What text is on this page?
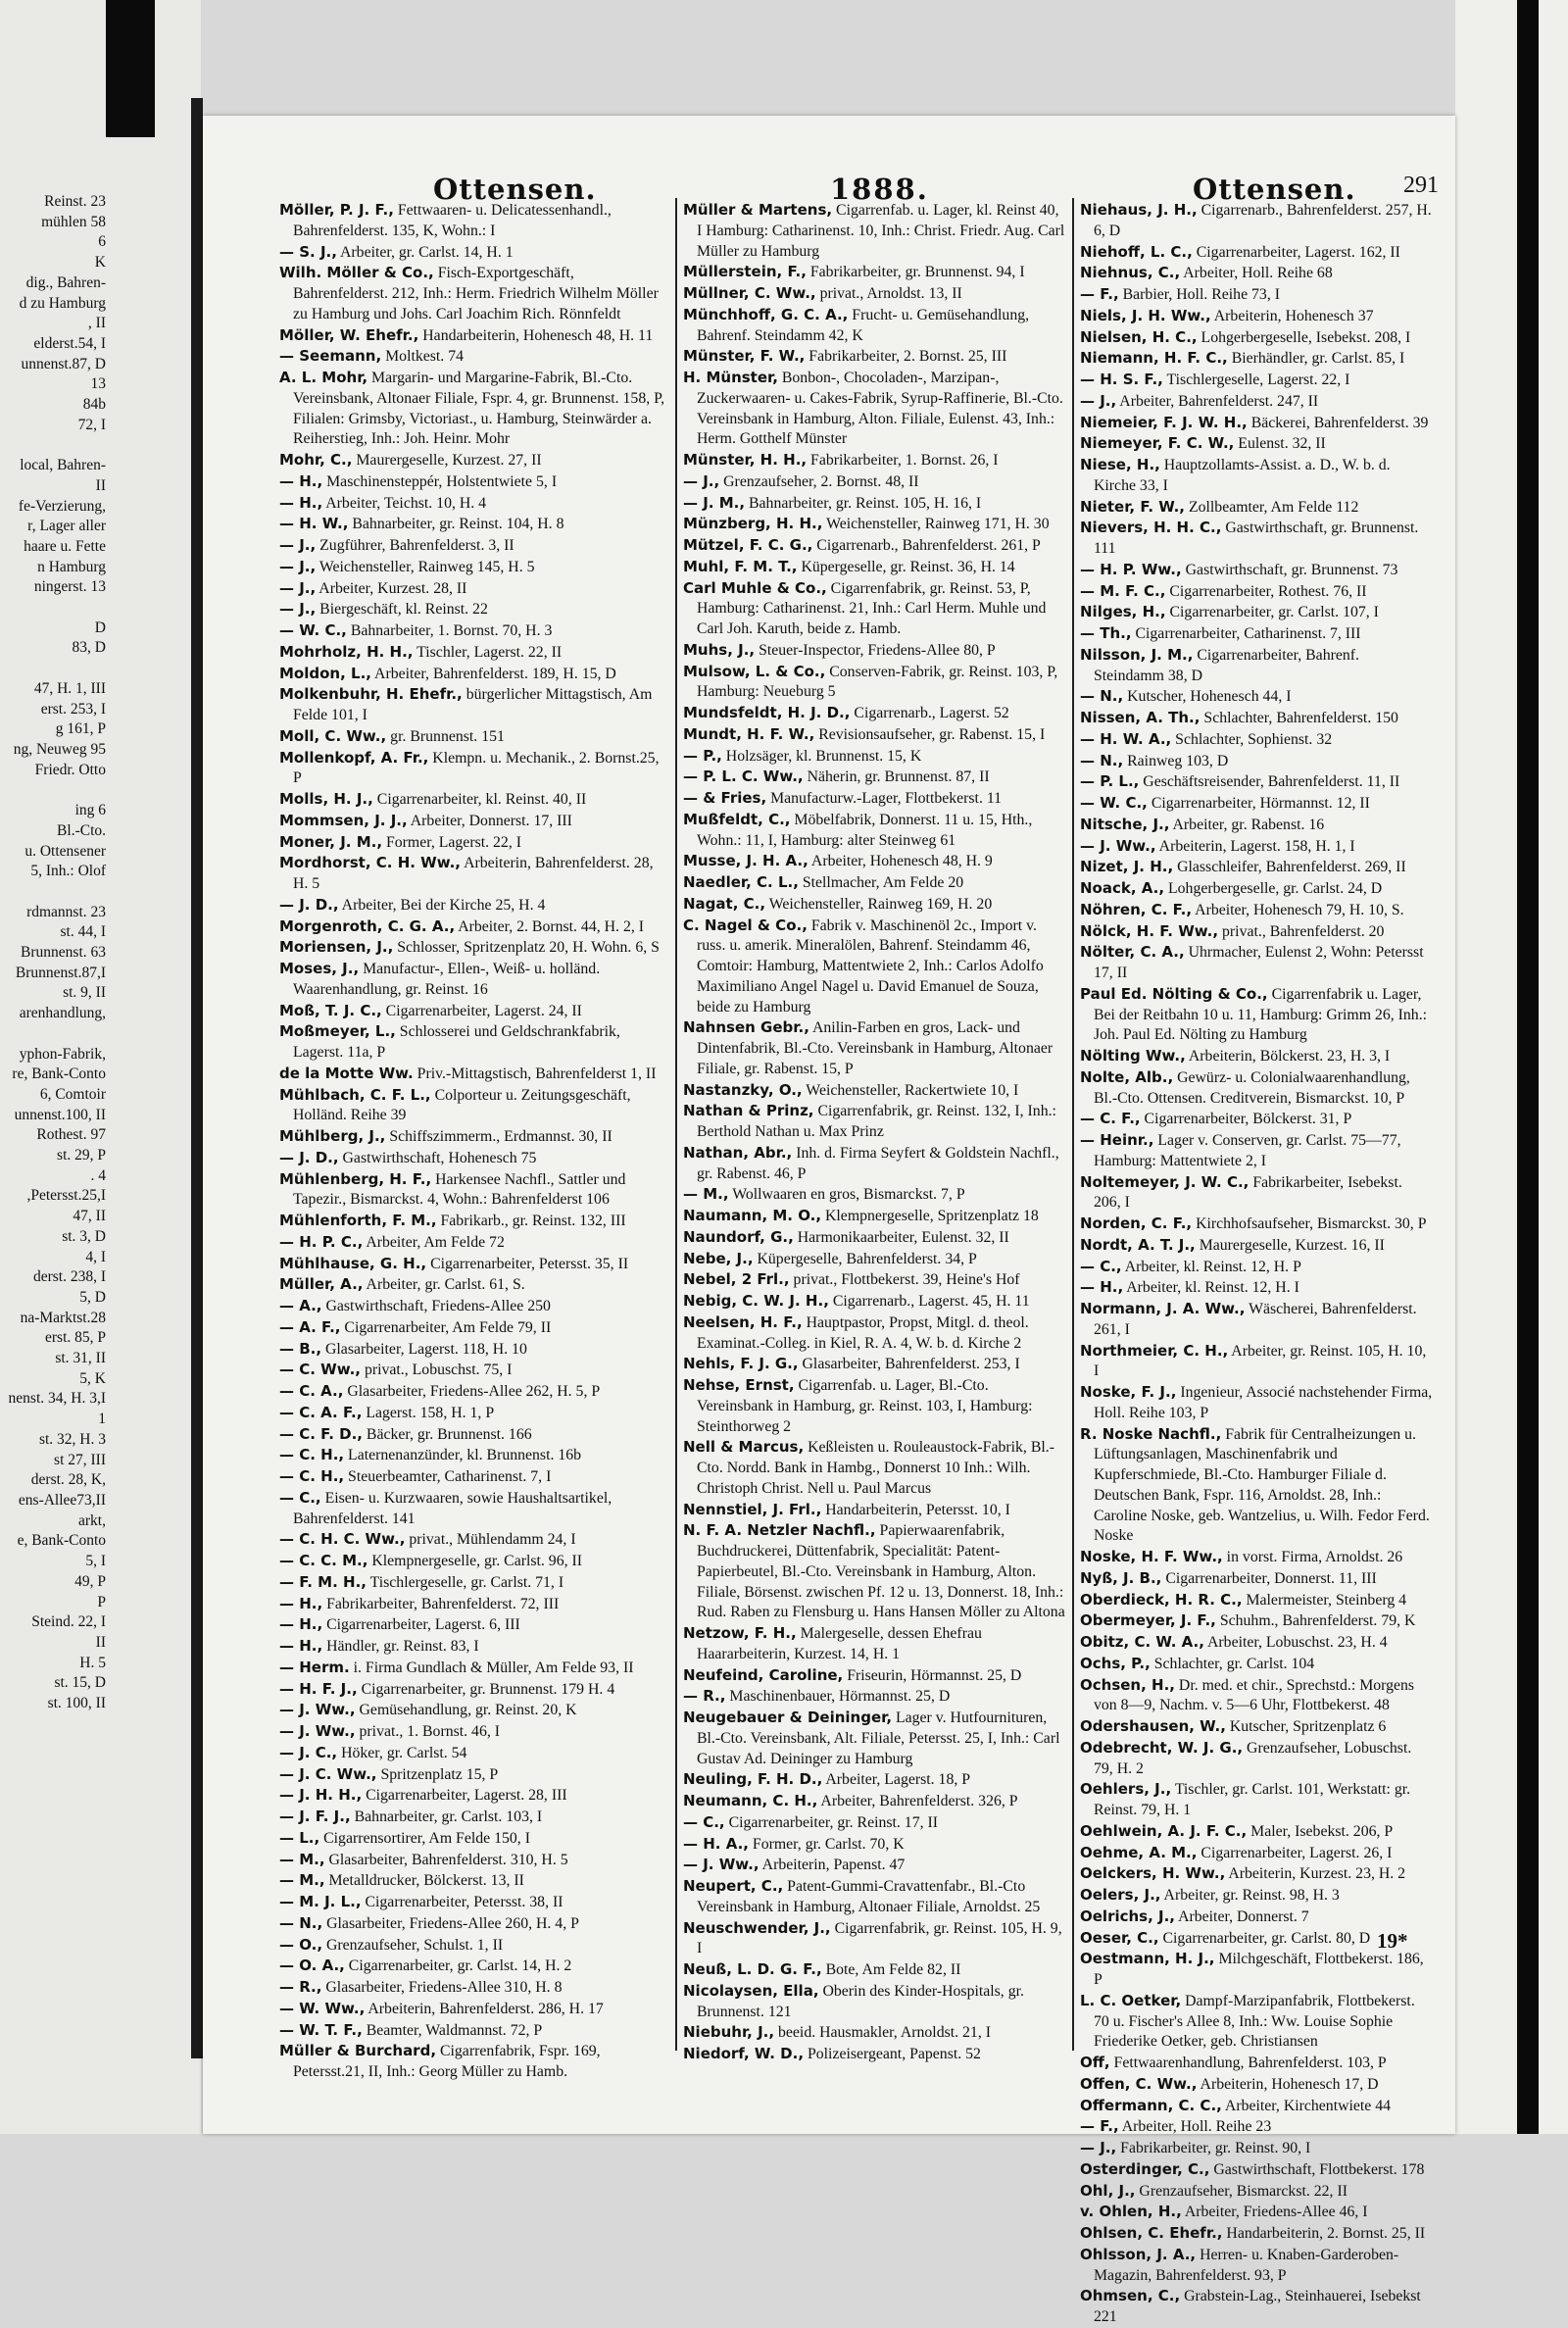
Reinst. 23
mühlen 58
6
K
dig., Bahren-
d zu Hamburg
, II
elderst.54, I
unnenst.87, D
13
84b
72, I

local, Bahren-
II
fe-Verzierung,
r, Lager aller
haare u. Fette
n Hamburg
ningerst. 13

D
83, D

47, H. 1, III
erst. 253, I
g 161, P
ng, Neuweg 95
Friedr. Otto

ing 6
Bl.-Cto.
u. Ottensener
5, Inh.: Olof

rdmannst. 23
st. 44, I
Brunnenst. 63
Brunnenst.87,I
st. 9, II
arenhandlung,

yphon-Fabrik,
re, Bank-Conto
6, Comtoir
unnenst.100, II
Rothest. 97
st. 29, P
. 4
,Petersst.25,I
47, II
st. 3, D
4, I
derst. 238, I
5, D
na-Marktst.28
erst. 85, P
st. 31, II
5, K
nenst. 34, H. 3,I
1
st. 32, H. 3
st 27, III
derst. 28, K,
ens-Allee73,II
arkt,
e, Bank-Conto
5, I
49, P
P
Steind. 22, I
II
H. 5
st. 15, D
st. 100, II
Ottensen.	1888.	Ottensen. 291

Möller, P. J. F., Fettwaaren- u. Delicatessenhandl., Bahrenfelderst. 135, K, Wohn.: I

— S. J., Arbeiter, gr. Carlst. 14, H. 1

Wilh. Möller & Co., Fisch-Exportgeschäft, Bahrenfelderst. 212, Inh.: Herm. Friedrich Wilhelm Möller zu Hamburg und Johs. Carl Joachim Rich. Rönnfeldt

Möller, W. Ehefr., Handarbeiterin, Hohenesch 48, H. 11

— Seemann, Moltkest. 74

A. L. Mohr, Margarin- und Margarine-Fabrik, Bl.-Cto. Vereinsbank, Altonaer Filiale, Fspr. 4, gr. Brunnenst. 158, P, Filialen: Grimsby, Victoriast., u. Hamburg, Steinwärder a. Reiherstieg, Inh.: Joh. Heinr. Mohr

Mohr, C., Maurergeselle, Kurzest. 27, II

— H., Maschinensteppér, Holstentwiete 5, I

— H., Arbeiter, Teichst. 10, H. 4

— H. W., Bahnarbeiter, gr. Reinst. 104, H. 8

— J., Zugführer, Bahrenfelderst. 3, II

— J., Weichensteller, Rainweg 145, H. 5

— J., Arbeiter, Kurzest. 28, II

— J., Biergeschäft, kl. Reinst. 22

— W. C., Bahnarbeiter, 1. Bornst. 70, H. 3

Mohrholz, H. H., Tischler, Lagerst. 22, II

Moldon, L., Arbeiter, Bahrenfelderst. 189, H. 15, D

Molkenbuhr, H. Ehefr., bürgerlicher Mittagstisch, Am Felde 101, I

Moll, C. Ww., gr. Brunnenst. 151

Mollenkopf, A. Fr., Klempn. u. Mechanik., 2. Bornst.25, P

Molls, H. J., Cigarrenarbeiter, kl. Reinst. 40, II

Mommsen, J. J., Arbeiter, Donnerst. 17, III

Moner, J. M., Former, Lagerst. 22, I

Mordhorst, C. H. Ww., Arbeiterin, Bahrenfelderst. 28, H. 5

— J. D., Arbeiter, Bei der Kirche 25, H. 4

Morgenroth, C. G. A., Arbeiter, 2. Bornst. 44, H. 2, I

Moriensen, J., Schlosser, Spritzenplatz 20, H. Wohn. 6, S

Moses, J., Manufactur-, Ellen-, Weiß- u. holländ. Waarenhandlung, gr. Reinst. 16

Moß, T. J. C., Cigarrenarbeiter, Lagerst. 24, II

Moßmeyer, L., Schlosserei und Geldschrankfabrik, Lagerst. 11a, P

de la Motte Ww. Priv.-Mittagstisch, Bahrenfelderst 1, II

Mühlbach, C. F. L., Colporteur u. Zeitungsgeschäft, Holländ. Reihe 39

Mühlberg, J., Schiffszimmerm., Erdmannst. 30, II

— J. D., Gastwirthschaft, Hohenesch 75

Mühlenberg, H. F., Harkensee Nachfl., Sattler und Tapezir., Bismarckst. 4, Wohn.: Bahrenfelderst 106

Mühlenforth, F. M., Fabrikarb., gr. Reinst. 132, III

— H. P. C., Arbeiter, Am Felde 72

Mühlhause, G. H., Cigarrenarbeiter, Petersst. 35, II

Müller, A., Arbeiter, gr. Carlst. 61, S.

— A., Gastwirthschaft, Friedens-Allee 250

— A. F., Cigarrenarbeiter, Am Felde 79, II

— B., Glasarbeiter, Lagerst. 118, H. 10

— C. Ww., privat., Lobuschst. 75, I

— C. A., Glasarbeiter, Friedens-Allee 262, H. 5, P

— C. A. F., Lagerst. 158, H. 1, P

— C. F. D., Bäcker, gr. Brunnenst. 166

— C. H., Laternenanzünder, kl. Brunnenst. 16b

— C. H., Steuerbeamter, Catharinenst. 7, I

— C., Eisen- u. Kurzwaaren, sowie Haushaltsartikel, Bahrenfelderst. 141

— C. H. C. Ww., privat., Mühlendamm 24, I

— C. C. M., Klempnergeselle, gr. Carlst. 96, II

— F. M. H., Tischlergeselle, gr. Carlst. 71, I

— H., Fabrikarbeiter, Bahrenfelderst. 72, III

— H., Cigarrenarbeiter, Lagerst. 6, III

— H., Händler, gr. Reinst. 83, I

— Herm. i. Firma Gundlach & Müller, Am Felde 93, II

— H. F. J., Cigarrenarbeiter, gr. Brunnenst. 179 H. 4

— J. Ww., Gemüsehandlung, gr. Reinst. 20, K

— J. Ww., privat., 1. Bornst. 46, I

— J. C., Höker, gr. Carlst. 54

— J. C. Ww., Spritzenplatz 15, P

— J. H. H., Cigarrenarbeiter, Lagerst. 28, III

— J. F. J., Bahnarbeiter, gr. Carlst. 103, I

— L., Cigarrensortirer, Am Felde 150, I

— M., Glasarbeiter, Bahrenfelderst. 310, H. 5

— M., Metalldrucker, Bölckerst. 13, II

— M. J. L., Cigarrenarbeiter, Petersst. 38, II

— N., Glasarbeiter, Friedens-Allee 260, H. 4, P

— O., Grenzaufseher, Schulst. 1, II

— O. A., Cigarrenarbeiter, gr. Carlst. 14, H. 2

— R., Glasarbeiter, Friedens-Allee 310, H. 8

— W. Ww., Arbeiterin, Bahrenfelderst. 286, H. 17

— W. T. F., Beamter, Waldmannst. 72, P

Müller & Burchard, Cigarrenfabrik, Fspr. 169, Petersst.21, II, Inh.: Georg Müller zu Hamb.

Müller & Martens, Cigarrenfab. u. Lager, kl. Reinst 40, I Hamburg: Catharinenst. 10, Inh.: Christ. Friedr. Aug. Carl Müller zu Hamburg

Müllerstein, F., Fabrikarbeiter, gr. Brunnenst. 94, I

Müllner, C. Ww., privat., Arnoldst. 13, II

Münchhoff, G. C. A., Frucht- u. Gemüsehandlung, Bahrenf. Steindamm 42, K

Münster, F. W., Fabrikarbeiter, 2. Bornst. 25, III

H. Münster, Bonbon-, Chocoladen-, Marzipan-, Zuckerwaaren- u. Cakes-Fabrik, Syrup-Raffinerie, Bl.-Cto. Vereinsbank in Hamburg, Alton. Filiale, Eulenst. 43, Inh.: Herm. Gotthelf Münster

Münster, H. H., Fabrikarbeiter, 1. Bornst. 26, I

— J., Grenzaufseher, 2. Bornst. 48, II

— J. M., Bahnarbeiter, gr. Reinst. 105, H. 16, I

Münzberg, H. H., Weichensteller, Rainweg 171, H. 30

Mützel, F. C. G., Cigarrenarb., Bahrenfelderst. 261, P

Muhl, F. M. T., Küpergeselle, gr. Reinst. 36, H. 14

Carl Muhle & Co., Cigarrenfabrik, gr. Reinst. 53, P, Hamburg: Catharinenst. 21, Inh.: Carl Herm. Muhle und Carl Joh. Karuth, beide z. Hamb.

Muhs, J., Steuer-Inspector, Friedens-Allee 80, P

Mulsow, L. & Co., Conserven-Fabrik, gr. Reinst. 103, P, Hamburg: Neueburg 5

Mundsfeldt, H. J. D., Cigarrenarb., Lagerst. 52

Mundt, H. F. W., Revisionsaufseher, gr. Rabenst. 15, I

— P., Holzsäger, kl. Brunnenst. 15, K

— P. L. C. Ww., Näherin, gr. Brunnenst. 87, II

— & Fries, Manufacturw.-Lager, Flottbekerst. 11

Mußfeldt, C., Möbelfabrik, Donnerst. 11 u. 15, Hth., Wohn.: 11, I, Hamburg: alter Steinweg 61

Musse, J. H. A., Arbeiter, Hohenesch 48, H. 9

Naedler, C. L., Stellmacher, Am Felde 20

Nagat, C., Weichensteller, Rainweg 169, H. 20

C. Nagel & Co., Fabrik v. Maschinenöl 2c., Import v. russ. u. amerik. Mineralölen, Bahrenf. Steindamm 46, Comtoir: Hamburg, Mattentwiete 2, Inh.: Carlos Adolfo Maximiliano Angel Nagel u. David Emanuel de Souza, beide zu Hamburg

Nahnsen Gebr., Anilin-Farben en gros, Lack- und Dintenfabrik, Bl.-Cto. Vereinsbank in Hamburg, Altonaer Filiale, gr. Rabenst. 15, P

Nastanzky, O., Weichensteller, Rackertwiete 10, I

Nathan & Prinz, Cigarrenfabrik, gr. Reinst. 132, I, Inh.: Berthold Nathan u. Max Prinz

Nathan, Abr., Inh. d. Firma Seyfert & Goldstein Nachfl., gr. Rabenst. 46, P

— M., Wollwaaren en gros, Bismarckst. 7, P

Naumann, M. O., Klempnergeselle, Spritzenplatz 18

Naundorf, G., Harmonikaarbeiter, Eulenst. 32, II

Nebe, J., Küpergeselle, Bahrenfelderst. 34, P

Nebel, 2 Frl., privat., Flottbekerst. 39, Heine's Hof

Nebig, C. W. J. H., Cigarrenarb., Lagerst. 45, H. 11

Neelsen, H. F., Hauptpastor, Propst, Mitgl. d. theol. Examinat.-Colleg. in Kiel, R. A. 4, W. b. d. Kirche 2

Nehls, F. J. G., Glasarbeiter, Bahrenfelderst. 253, I

Nehse, Ernst, Cigarrenfab. u. Lager, Bl.-Cto. Vereinsbank in Hamburg, gr. Reinst. 103, I, Hamburg: Steinthorweg 2

Nell & Marcus, Keßleisten u. Rouleaustock-Fabrik, Bl.-Cto. Nordd. Bank in Hambg., Donnerst 10 Inh.: Wilh. Christoph Christ. Nell u. Paul Marcus

Nennstiel, J. Frl., Handarbeiterin, Petersst. 10, I

N. F. A. Netzler Nachfl., Papierwaarenfabrik, Buchdruckerei, Düttenfabrik, Specialität: Patent-Papierbeutel, Bl.-Cto. Vereinsbank in Hamburg, Alton. Filiale, Börsenst. zwischen Pf. 12 u. 13, Donnerst. 18, Inh.: Rud. Raben zu Flensburg u. Hans Hansen Möller zu Altona

Netzow, F. H., Malergeselle, dessen Ehefrau Haararbeiterin, Kurzest. 14, H. 1

Neufeind, Caroline, Friseurin, Hörmannst. 25, D

— R., Maschinenbauer, Hörmannst. 25, D

Neugebauer & Deininger, Lager v. Hutfournituren, Bl.-Cto. Vereinsbank, Alt. Filiale, Petersst. 25, I, Inh.: Carl Gustav Ad. Deininger zu Hamburg

Neuling, F. H. D., Arbeiter, Lagerst. 18, P

Neumann, C. H., Arbeiter, Bahrenfelderst. 326, P

— C., Cigarrenarbeiter, gr. Reinst. 17, II

— H. A., Former, gr. Carlst. 70, K

— J. Ww., Arbeiterin, Papenst. 47

Neupert, C., Patent-Gummi-Cravattenfabr., Bl.-Cto Vereinsbank in Hamburg, Altonaer Filiale, Arnoldst. 25

Neuschwender, J., Cigarrenfabrik, gr. Reinst. 105, H. 9, I

Neuß, L. D. G. F., Bote, Am Felde 82, II

Nicolaysen, Ella, Oberin des Kinder-Hospitals, gr. Brunnenst. 121

Niebuhr, J., beeid. Hausmakler, Arnoldst. 21, I

Niedorf, W. D., Polizeisergeant, Papenst. 52

Niehaus, J. H., Cigarrenarb., Bahrenfelderst. 257, H. 6, D

Niehoff, L. C., Cigarrenarbeiter, Lagerst. 162, II

Niehnus, C., Arbeiter, Holl. Reihe 68

— F., Barbier, Holl. Reihe 73, I

Niels, J. H. Ww., Arbeiterin, Hohenesch 37

Nielsen, H. C., Lohgerbergeselle, Isebekst. 208, I

Niemann, H. F. C., Bierhändler, gr. Carlst. 85, I

— H. S. F., Tischlergeselle, Lagerst. 22, I

— J., Arbeiter, Bahrenfelderst. 247, II

Niemeier, F. J. W. H., Bäckerei, Bahrenfelderst. 39

Niemeyer, F. C. W., Eulenst. 32, II

Niese, H., Hauptzollamts-Assist. a. D., W. b. d. Kirche 33, I

Nieter, F. W., Zollbeamter, Am Felde 112

Nievers, H. H. C., Gastwirthschaft, gr. Brunnenst. 111

— H. P. Ww., Gastwirthschaft, gr. Brunnenst. 73

— M. F. C., Cigarrenarbeiter, Rothest. 76, II

Nilges, H., Cigarrenarbeiter, gr. Carlst. 107, I

— Th., Cigarrenarbeiter, Catharinenst. 7, III

Nilsson, J. M., Cigarrenarbeiter, Bahrenf. Steindamm 38, D

— N., Kutscher, Hohenesch 44, I

Nissen, A. Th., Schlachter, Bahrenfelderst. 150

— H. W. A., Schlachter, Sophienst. 32

— N., Rainweg 103, D

— P. L., Geschäftsreisender, Bahrenfelderst. 11, II

— W. C., Cigarrenarbeiter, Hörmannst. 12, II

Nitsche, J., Arbeiter, gr. Rabenst. 16

— J. Ww., Arbeiterin, Lagerst. 158, H. 1, I

Nizet, J. H., Glasschleifer, Bahrenfelderst. 269, II

Noack, A., Lohgerbergeselle, gr. Carlst. 24, D

Nöhren, C. F., Arbeiter, Hohenesch 79, H. 10, S.

Nölck, H. F. Ww., privat., Bahrenfelderst. 20

Nölter, C. A., Uhrmacher, Eulenst 2, Wohn: Petersst 17, II

Paul Ed. Nölting & Co., Cigarrenfabrik u. Lager, Bei der Reitbahn 10 u. 11, Hamburg: Grimm 26, Inh.: Joh. Paul Ed. Nölting zu Hamburg

Nölting Ww., Arbeiterin, Bölckerst. 23, H. 3, I

Nolte, Alb., Gewürz- u. Colonialwaarenhandlung, Bl.-Cto. Ottensen. Creditverein, Bismarckst. 10, P

— C. F., Cigarrenarbeiter, Bölckerst. 31, P

— Heinr., Lager v. Conserven, gr. Carlst. 75—77, Hamburg: Mattentwiete 2, I

Noltemeyer, J. W. C., Fabrikarbeiter, Isebekst. 206, I

Norden, C. F., Kirchhofsaufseher, Bismarckst. 30, P

Nordt, A. T. J., Maurergeselle, Kurzest. 16, II

— C., Arbeiter, kl. Reinst. 12, H. P

— H., Arbeiter, kl. Reinst. 12, H. I

Normann, J. A. Ww., Wäscherei, Bahrenfelderst. 261, I

Northmeier, C. H., Arbeiter, gr. Reinst. 105, H. 10, I

Noske, F. J., Ingenieur, Associé nachstehender Firma, Holl. Reihe 103, P

R. Noske Nachfl., Fabrik für Centralheizungen u. Lüftungsanlagen, Maschinenfabrik und Kupferschmiede, Bl.-Cto. Hamburger Filiale d. Deutschen Bank, Fspr. 116, Arnoldst. 28, Inh.: Caroline Noske, geb. Wantzelius, u. Wilh. Fedor Ferd. Noske

Noske, H. F. Ww., in vorst. Firma, Arnoldst. 26

Nyß, J. B., Cigarrenarbeiter, Donnerst. 11, III

Oberdieck, H. R. C., Malermeister, Steinberg 4

Obermeyer, J. F., Schuhm., Bahrenfelderst. 79, K

Obitz, C. W. A., Arbeiter, Lobuschst. 23, H. 4

Ochs, P., Schlachter, gr. Carlst. 104

Ochsen, H., Dr. med. et chir., Sprechstd.: Morgens von 8—9, Nachm. v. 5—6 Uhr, Flottbekerst. 48

Odershausen, W., Kutscher, Spritzenplatz 6

Odebrecht, W. J. G., Grenzaufseher, Lobuschst. 79, H. 2

Oehlers, J., Tischler, gr. Carlst. 101, Werkstatt: gr. Reinst. 79, H. 1

Oehlwein, A. J. F. C., Maler, Isebekst. 206, P

Oehme, A. M., Cigarrenarbeiter, Lagerst. 26, I

Oelckers, H. Ww., Arbeiterin, Kurzest. 23, H. 2

Oelers, J., Arbeiter, gr. Reinst. 98, H. 3

Oelrichs, J., Arbeiter, Donnerst. 7

Oeser, C., Cigarrenarbeiter, gr. Carlst. 80, D

Oestmann, H. J., Milchgeschäft, Flottbekerst. 186, P

L. C. Oetker, Dampf-Marzipanfabrik, Flottbekerst. 70 u. Fischer's Allee 8, Inh.: Ww. Louise Sophie Friederike Oetker, geb. Christiansen

Off, Fettwaarenhandlung, Bahrenfelderst. 103, P

Offen, C. Ww., Arbeiterin, Hohenesch 17, D

Offermann, C. C., Arbeiter, Kirchentwiete 44

— F., Arbeiter, Holl. Reihe 23

— J., Fabrikarbeiter, gr. Reinst. 90, I

Osterdinger, C., Gastwirthschaft, Flottbekerst. 178

Ohl, J., Grenzaufseher, Bismarckst. 22, II

v. Ohlen, H., Arbeiter, Friedens-Allee 46, I

Ohlsen, C. Ehefr., Handarbeiterin, 2. Bornst. 25, II

Ohlsson, J. A., Herren- u. Knaben-Garderoben-Magazin, Bahrenfelderst. 93, P

Ohmsen, C., Grabstein-Lag., Steinhauerei, Isebekst 221

19*
